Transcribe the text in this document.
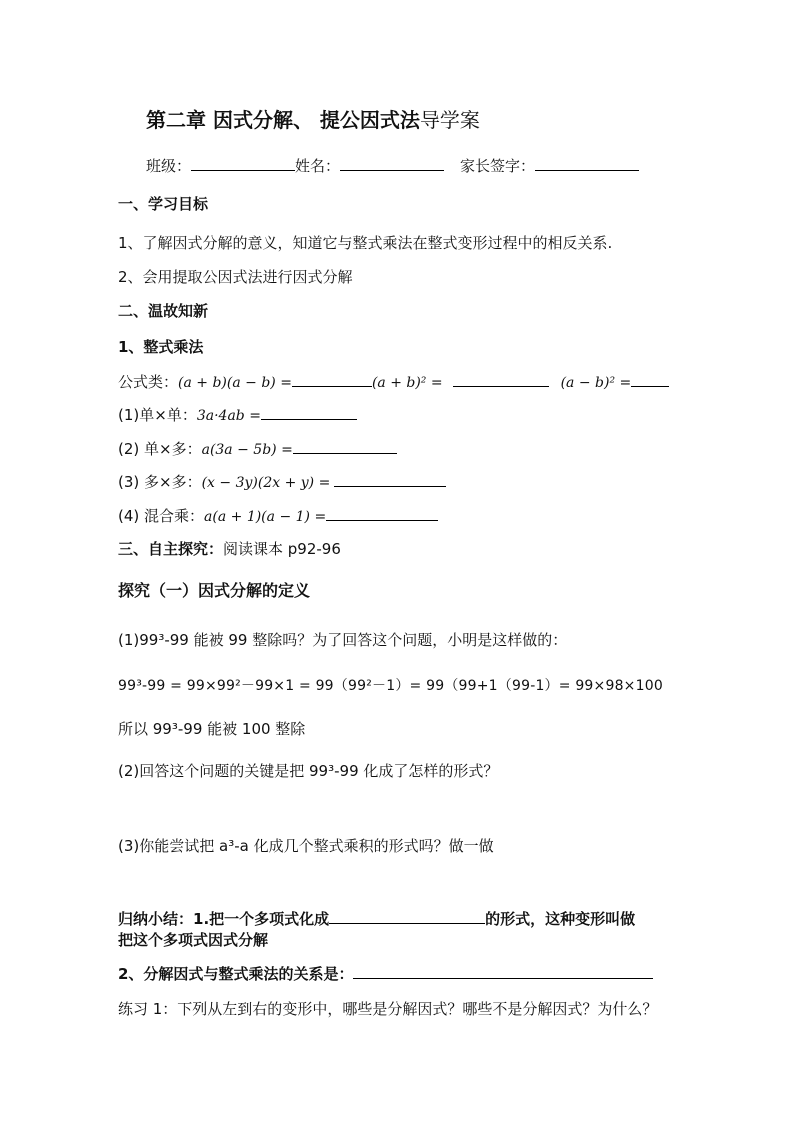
第二章 因式分解、 提公因式法导学案
班级：	姓名：	家长签字：
一、学习目标
1、了解因式分解的意义，知道它与整式乘法在整式变形过程中的相反关系.
2、会用提取公因式法进行因式分解
二、温故知新
1、整式乘法
公式类：(a + b)(a − b) =	(a + b)² =	(a − b)² =
(1)单×单：3a·4ab =
(2) 单×多：a(3a − 5b) =
(3) 多×多：(x − 3y)(2x + y) =
(4) 混合乘：a(a + 1)(a − 1) =
三、自主探究：阅读课本 p92-96
探究（一）因式分解的定义
(1)99³-99 能被 99 整除吗？为了回答这个问题，小明是这样做的：
99³-99 = 99×99²－99×1 = 99（99²－1）= 99（99+1（99-1）= 99×98×100
所以 99³-99 能被 100 整除
(2)回答这个问题的关键是把 99³-99 化成了怎样的形式？
(3)你能尝试把 a³-a 化成几个整式乘积的形式吗？做一做
归纳小结：1.把一个多项式化成	的形式，这种变形叫做
把这个多项式因式分解
2、分解因式与整式乘法的关系是：
练习 1：下列从左到右的变形中，哪些是分解因式？哪些不是分解因式？为什么？
